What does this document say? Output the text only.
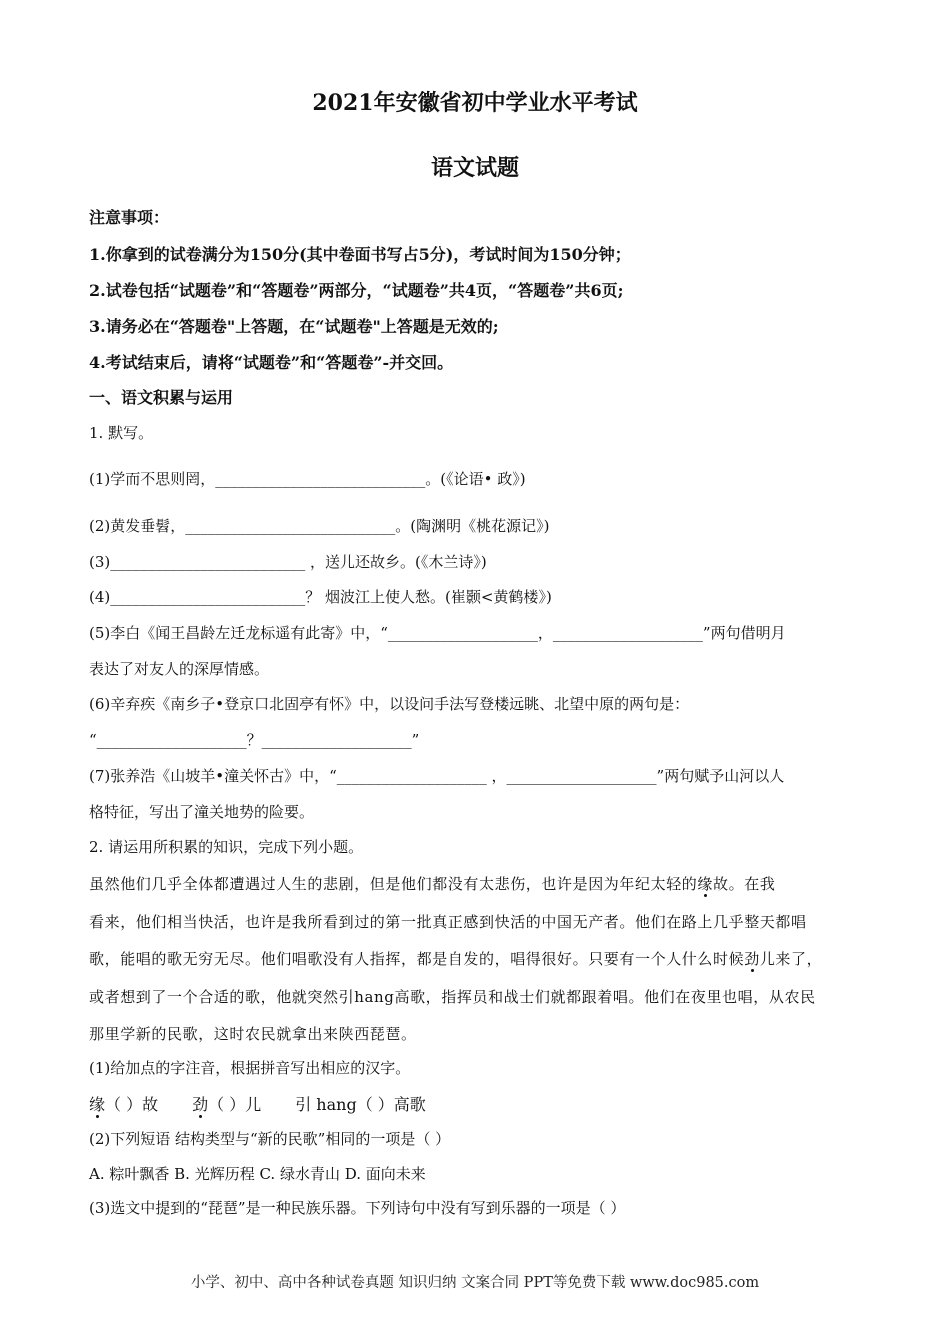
2021年安徽省初中学业水平考试
语文试题
注意事项：
1.你拿到的试卷满分为150分(其中卷面书写占5分)，考试时间为150分钟；
2.试卷包括“试题卷”和“答题卷”两部分，“试题卷”共4页，“答题卷”共6页;
3.请务必在“答题卷"上答题，在“试题卷"上答题是无效的;
4.考试结束后，请将“试题卷”和“答题卷”-并交回。
一、语文积累与运用
1. 默写。
(1)学而不思则罔，____________________________。(《论语• 政》)
(2)黄发垂髫，____________________________。(陶渊明《桃花源记》)
(3)__________________________ ，送儿还故乡。(《木兰诗》)
(4)__________________________？ 烟波江上使人愁。(崔颢<黄鹤楼》)
(5)李白《闻王昌龄左迁龙标遥有此寄》中，“____________________，____________________”两句借明月
表达了对友人的深厚情感。
(6)辛弃疾《南乡子•登京口北固亭有怀》中，以设问手法写登楼远眺、北望中原的两句是：
“____________________？____________________”
(7)张养浩《山坡羊•潼关怀古》中，“____________________ ，____________________”两句赋予山河以人
格特征，写出了潼关地势的险要。
2. 请运用所积累的知识，完成下列小题。
虽然他们几乎全体都遭遇过人生的悲剧，但是他们都没有太悲伤，也许是因为年纪太轻的缘故。在我
看来，他们相当快活，也许是我所看到过的第一批真正感到快活的中国无产者。他们在路上几乎整天都唱
歌，能唱的歌无穷无尽。他们唱歌没有人指挥，都是自发的，唱得很好。只要有一个人什么时候劲儿来了，
或者想到了一个合适的歌，他就突然引hang高歌，指挥员和战士们就都跟着唱。他们在夜里也唱，从农民
那里学新的民歌，这时农民就拿出来陕西琵琶。
(1)给加点的字注音，根据拼音写出相应的汉字。
缘（ ）故 劲（ ）儿 引 hang（ ）高歌
(2)下列短语 结构类型与“新的民歌”相同的一项是（ ）
A. 粽叶飘香 B. 光辉历程 C. 绿水青山 D. 面向未来
(3)选文中提到的“琵琶”是一种民族乐器。下列诗句中没有写到乐器的一项是（ ）
小学、初中、高中各种试卷真题 知识归纳 文案合同 PPT等免费下载 www.doc985.com
